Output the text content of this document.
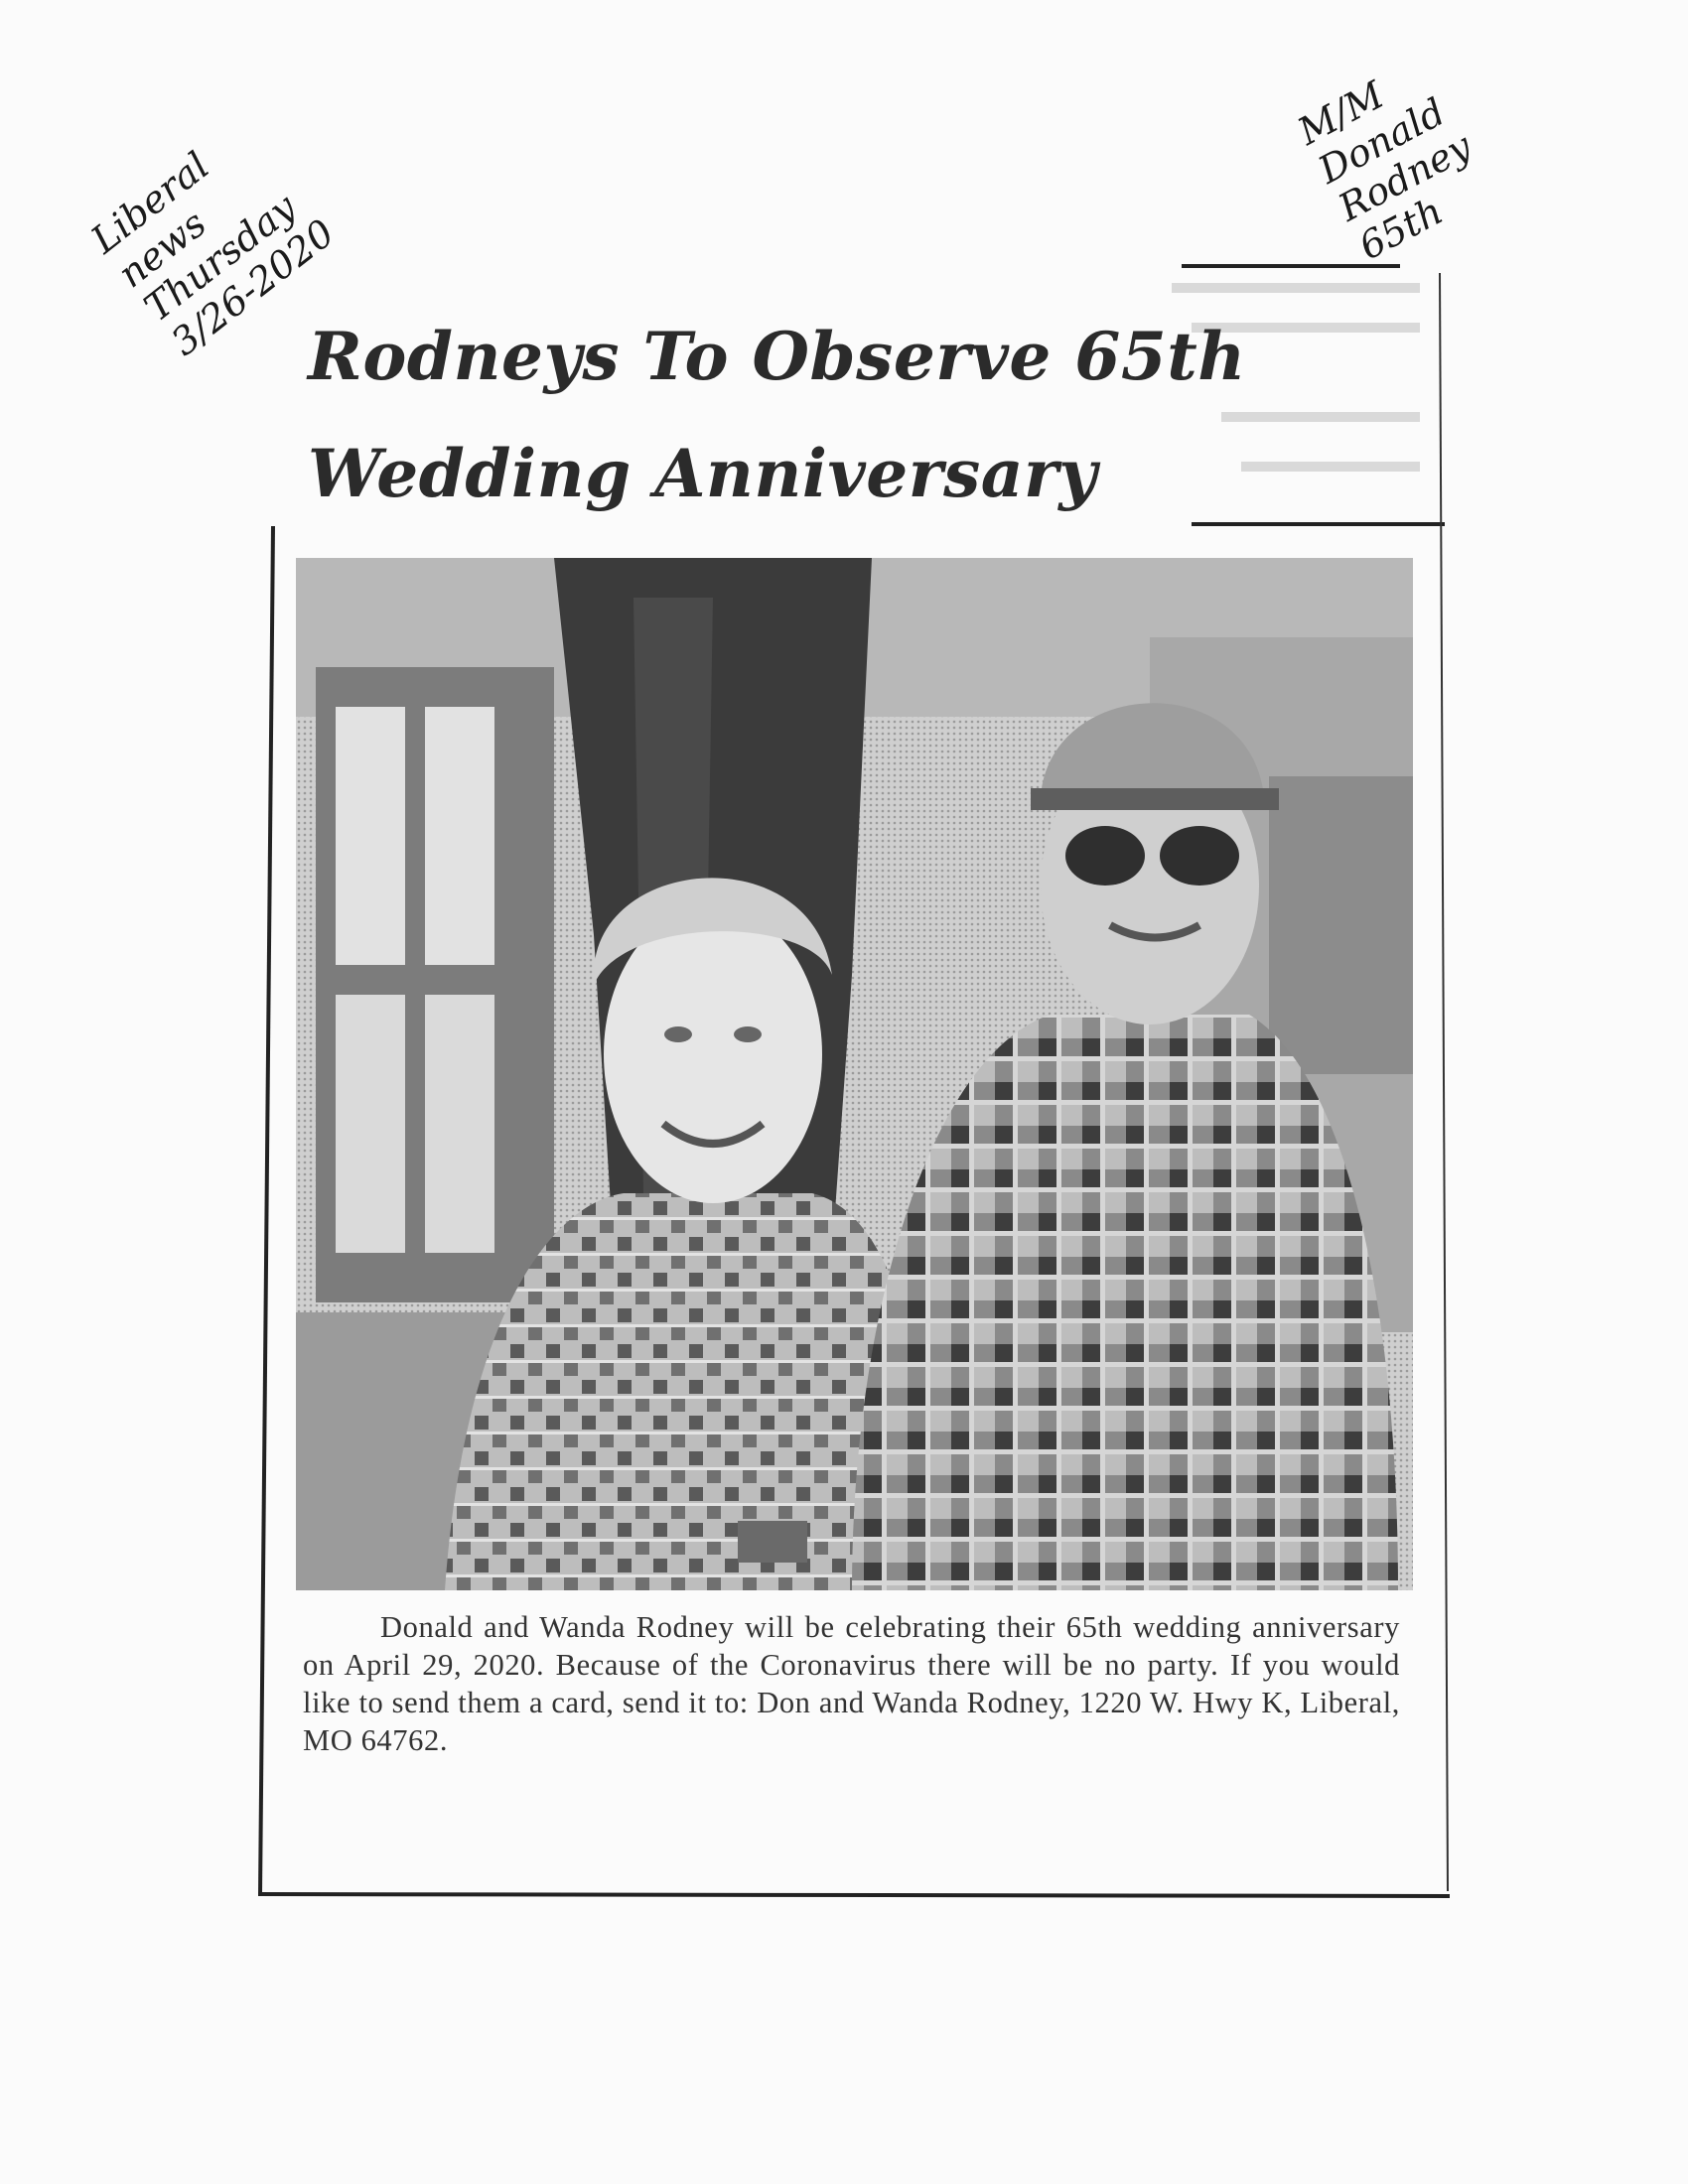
Liberal
news
Thursday
3/26-2020
M/M
Donald
Rodney
65th
Rodneys To Observe 65th
Wedding Anniversary

Donald and Wanda Rodney will be celebrating their 65th wedding anniversary on April 29, 2020. Because of the Coronavirus there will be no party. If you would like to send them a card, send it to: Don and Wanda Rodney, 1220 W. Hwy K, Liberal, MO 64762.
